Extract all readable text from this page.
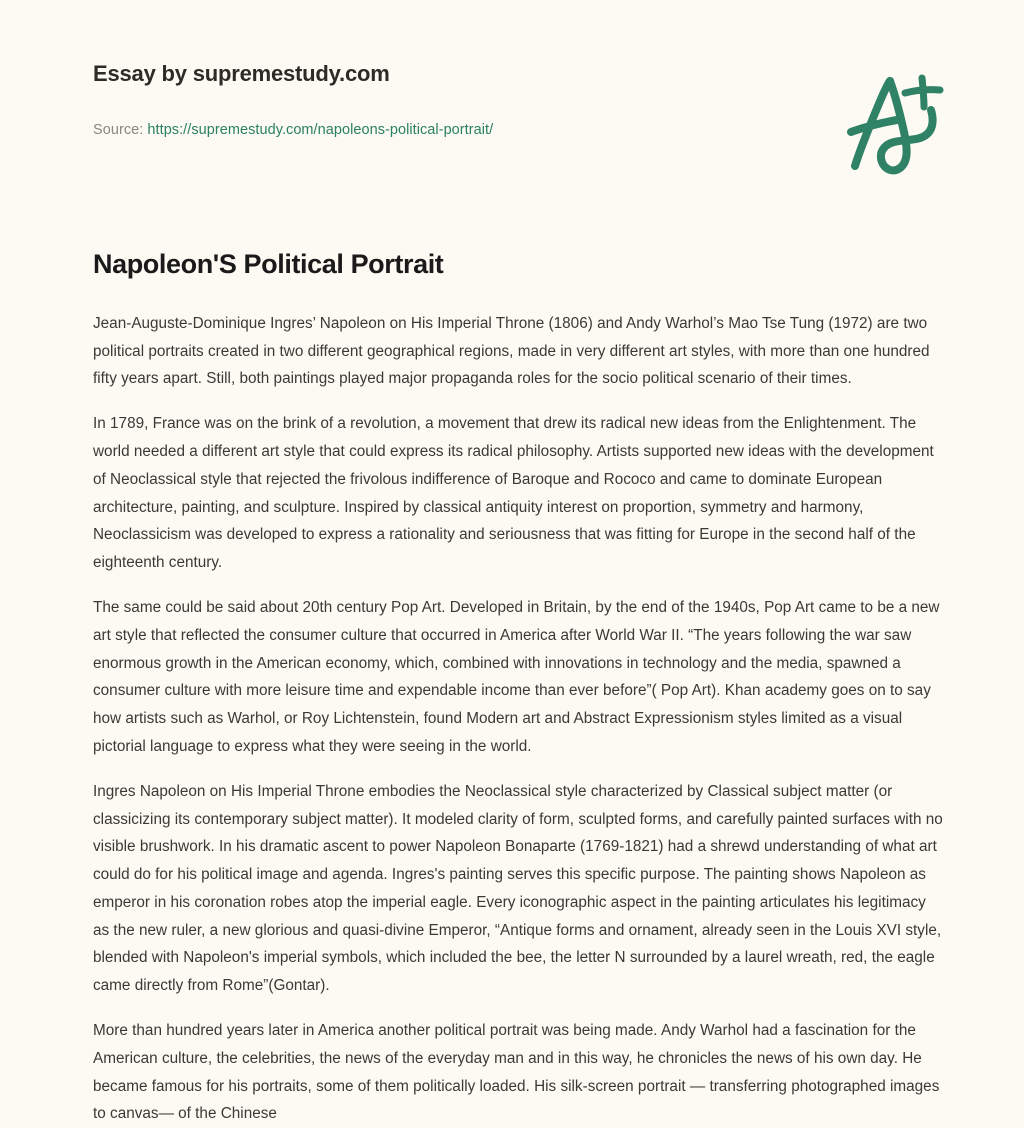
Essay by supremestudy.com
Source: https://supremestudy.com/napoleons-political-portrait/
Napoleon'S Political Portrait

Jean-Auguste-Dominique Ingres’ Napoleon on His Imperial Throne (1806) and Andy Warhol’s Mao Tse Tung (1972) are two political portraits created in two different geographical regions, made in very different art styles, with more than one hundred fifty years apart. Still, both paintings played major propaganda roles for the socio political scenario of their times.

In 1789, France was on the brink of a revolution, a movement that drew its radical new ideas from the Enlightenment. The world needed a different art style that could express its radical philosophy. Artists supported new ideas with the development of Neoclassical style that rejected the frivolous indifference of Baroque and Rococo and came to dominate European architecture, painting, and sculpture. Inspired by classical antiquity interest on proportion, symmetry and harmony, Neoclassicism was developed to express a rationality and seriousness that was fitting for Europe in the second half of the eighteenth century.

The same could be said about 20th century Pop Art. Developed in Britain, by the end of the 1940s, Pop Art came to be a new art style that reflected the consumer culture that occurred in America after World War II. “The years following the war saw enormous growth in the American economy, which, combined with innovations in technology and the media, spawned a consumer culture with more leisure time and expendable income than ever before”( Pop Art). Khan academy goes on to say how artists such as Warhol, or Roy Lichtenstein, found Modern art and Abstract Expressionism styles limited as a visual pictorial language to express what they were seeing in the world.

Ingres Napoleon on His Imperial Throne embodies the Neoclassical style characterized by Classical subject matter (or classicizing its contemporary subject matter). It modeled clarity of form, sculpted forms, and carefully painted surfaces with no visible brushwork. In his dramatic ascent to power Napoleon Bonaparte (1769-1821) had a shrewd understanding of what art could do for his political image and agenda. Ingres's painting serves this specific purpose. The painting shows Napoleon as emperor in his coronation robes atop the imperial eagle. Every iconographic aspect in the painting articulates his legitimacy as the new ruler, a new glorious and quasi-divine Emperor, “Antique forms and ornament, already seen in the Louis XVI style, blended with Napoleon's imperial symbols, which included the bee, the letter N surrounded by a laurel wreath, red, the eagle came directly from Rome”(Gontar).

More than hundred years later in America another political portrait was being made. Andy Warhol had a fascination for the American culture, the celebrities, the news of the everyday man and in this way, he chronicles the news of his own day. He became famous for his portraits, some of them politically loaded. His silk-screen portrait — transferring photographed images to canvas— of the Chinese
